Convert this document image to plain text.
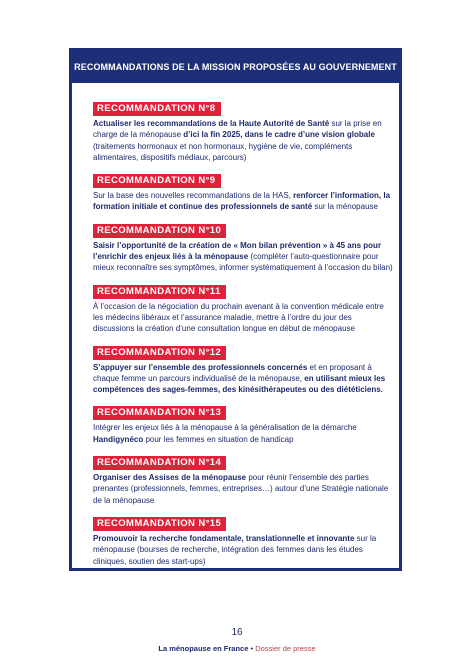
RECOMMANDATIONS DE LA MISSION PROPOSÉES AU GOUVERNEMENT
RECOMMANDATION N°8
Actualiser les recommandations de la Haute Autorité de Santé sur la prise en charge de la ménopause d’ici la fin 2025, dans le cadre d’une vision globale (traitements hormonaux et non hormonaux, hygiène de vie, compléments alimentaires, dispositifs médiaux, parcours)
RECOMMANDATION N°9
Sur la base des nouvelles recommandations de la HAS, renforcer l’information, la formation initiale et continue des professionnels de santé sur la ménopause
RECOMMANDATION N°10
Saisir l’opportunité de la création de « Mon bilan prévention » à 45 ans pour l’enrichir des enjeux liés à la ménopause (compléter l’auto-questionnaire pour mieux reconnaître ses symptômes, informer systématiquement à l’occasion du bilan)
RECOMMANDATION N°11
À l’occasion de la négociation du prochain avenant à la convention médicale entre les médecins libéraux et l’assurance maladie, mettre à l’ordre du jour des discussions la création d’une consultation longue en début de ménopause
RECOMMANDATION N°12
S’appuyer sur l’ensemble des professionnels concernés et en proposant à chaque femme un parcours individualisé de la ménopause, en utilisant mieux les compétences des sages-femmes, des kinésithérapeutes ou des diététiciens.
RECOMMANDATION N°13
Intégrer les enjeux liés à la ménopause à la généralisation de la démarche Handigynéco pour les femmes en situation de handicap
RECOMMANDATION N°14
Organiser des Assises de la ménopause pour réunir l’ensemble des parties prenantes (professionnels, femmes, entreprises…) autour d’une Stratégie nationale de la ménopause
RECOMMANDATION N°15
Promouvoir la recherche fondamentale, translationnelle et innovante sur la ménopause (bourses de recherche, intégration des femmes dans les études cliniques, soutien des start-ups)
16
La ménopause en France • Dossier de presse
